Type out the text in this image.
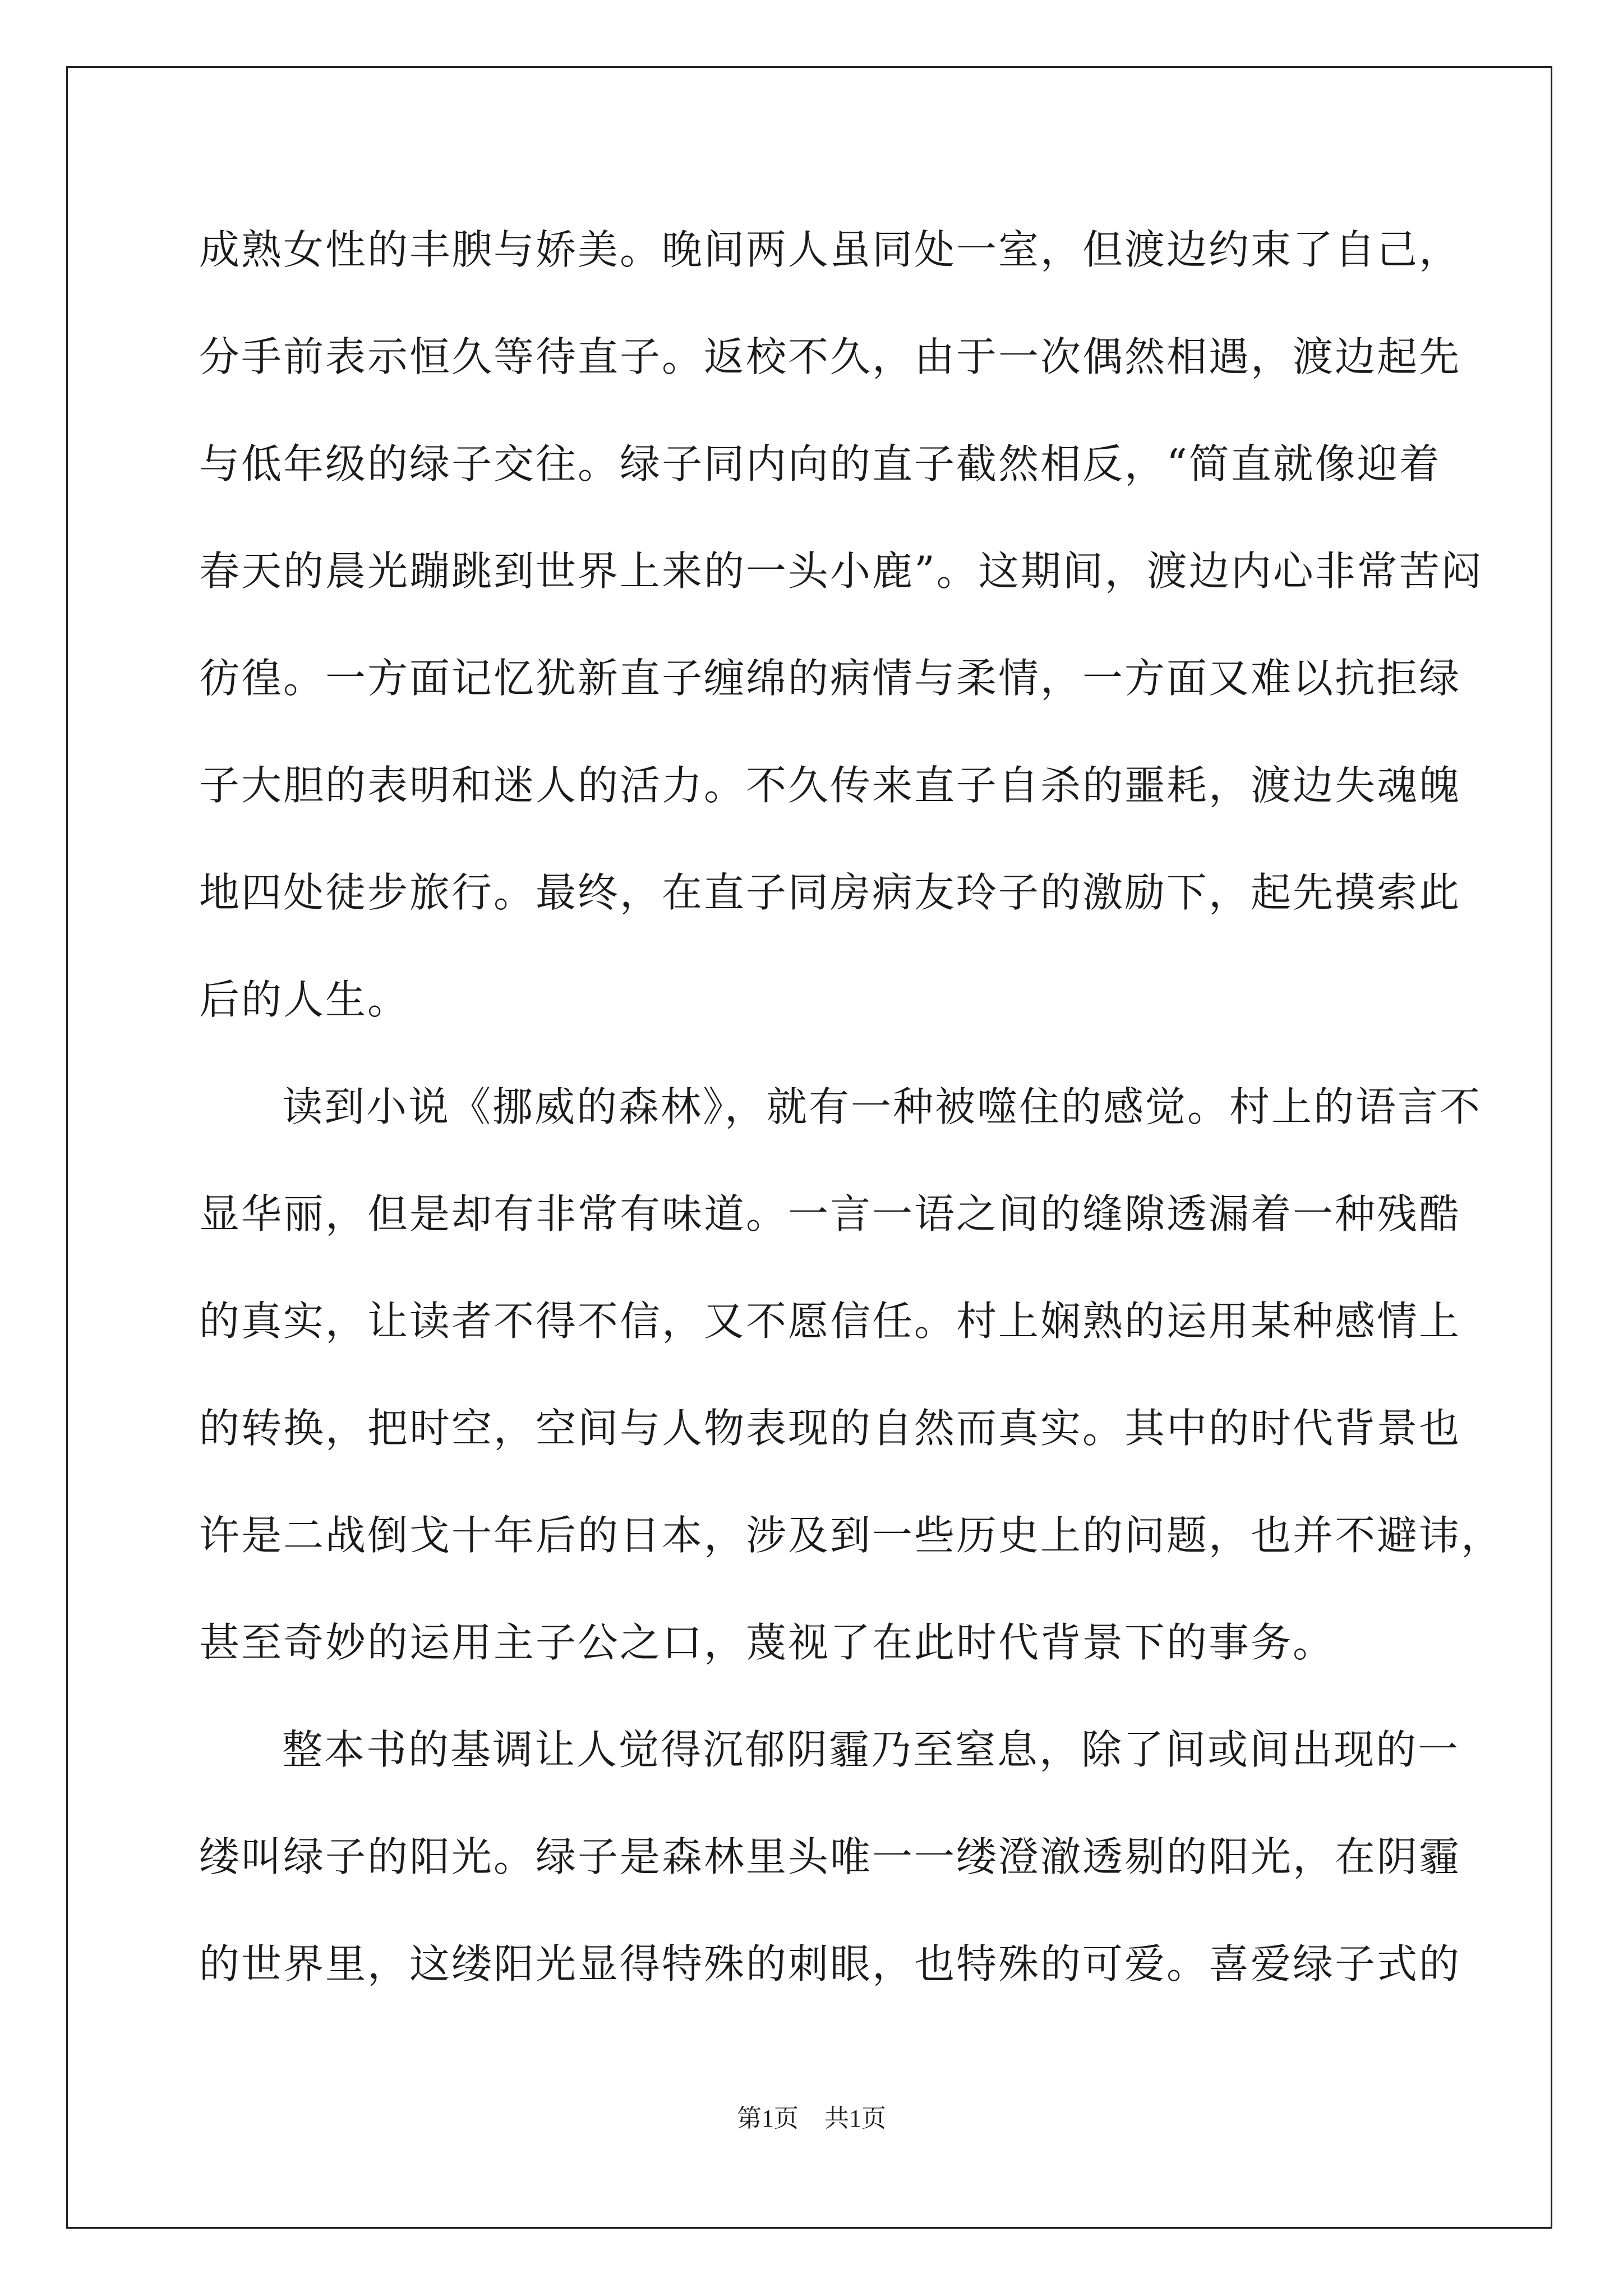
成熟女性的丰腴与娇美。晚间两人虽同处一室，但渡边约束了自己，
分手前表示恒久等待直子。返校不久，由于一次偶然相遇，渡边起先
与低年级的绿子交往。绿子同内向的直子截然相反，“简直就像迎着
春天的晨光蹦跳到世界上来的一头小鹿”。这期间，渡边内心非常苦闷
彷徨。一方面记忆犹新直子缠绵的病情与柔情，一方面又难以抗拒绿
子大胆的表明和迷人的活力。不久传来直子自杀的噩耗，渡边失魂魄
地四处徒步旅行。最终，在直子同房病友玲子的激励下，起先摸索此
后的人生。
读到小说《挪威的森林》，就有一种被噬住的感觉。村上的语言不
显华丽，但是却有非常有味道。一言一语之间的缝隙透漏着一种残酷
的真实，让读者不得不信，又不愿信任。村上娴熟的运用某种感情上
的转换，把时空，空间与人物表现的自然而真实。其中的时代背景也
许是二战倒戈十年后的日本，涉及到一些历史上的问题，也并不避讳，
甚至奇妙的运用主子公之口，蔑视了在此时代背景下的事务。
整本书的基调让人觉得沉郁阴霾乃至窒息，除了间或间出现的一
缕叫绿子的阳光。绿子是森林里头唯一一缕澄澈透剔的阳光，在阴霾
的世界里，这缕阳光显得特殊的刺眼，也特殊的可爱。喜爱绿子式的
第1页 共1页
